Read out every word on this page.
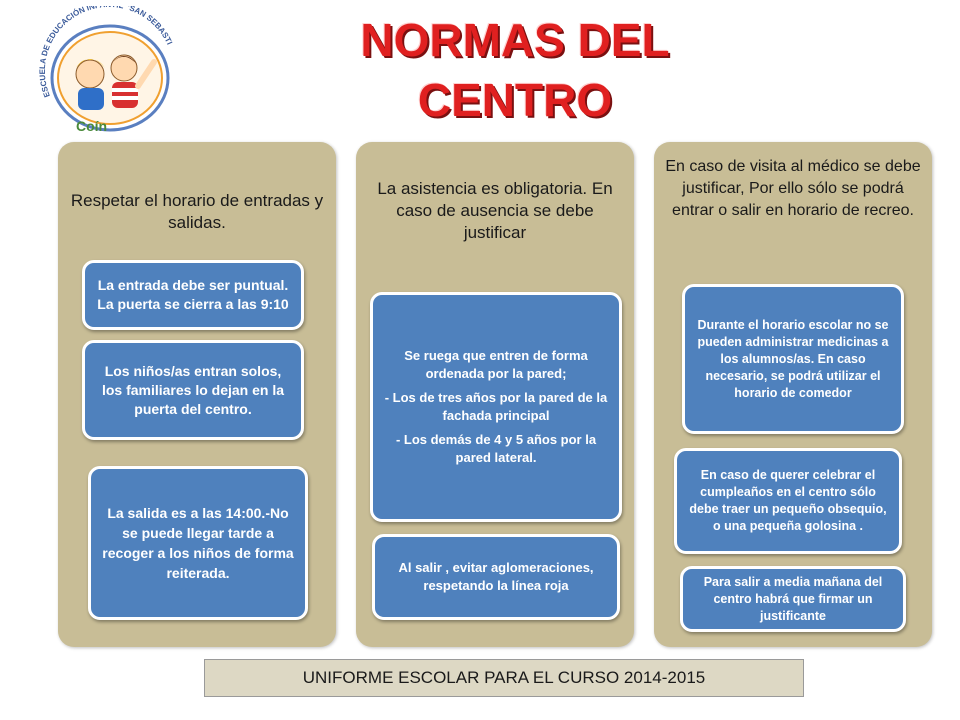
ESCUELA DE EDUCACIÓN IN "SAN SEBASTI
Coín
NORMAS DEL
CENTRO
Respetar el horario de entradas y salidas.

La entrada debe ser puntual. La puerta se cierra a las 9:10

Los niños/as entran solos, los familiares lo dejan en la puerta del centro.

La salida es a las 14:00.-No se puede llegar tarde a recoger a los niños de forma reiterada.

La asistencia es obligatoria. En caso de ausencia se debe justificar

Se ruega que entren de forma ordenada por la pared;

- Los de tres años por la pared de la fachada principal

- Los demás de 4 y 5 años por la pared lateral.

Al salir , evitar aglomeraciones, respetando la línea roja

En caso de visita al médico se debe justificar, Por ello sólo se podrá entrar o salir en horario de recreo.

Durante el horario escolar no se pueden administrar medicinas a los alumnos/as. En caso necesario, se podrá utilizar el horario de comedor

En caso de querer celebrar el cumpleaños en el centro sólo debe traer un pequeño obsequio, o una pequeña golosina .

Para salir a media mañana del centro habrá que firmar un justificante

UNIFORME ESCOLAR PARA EL CURSO 2014-2015
